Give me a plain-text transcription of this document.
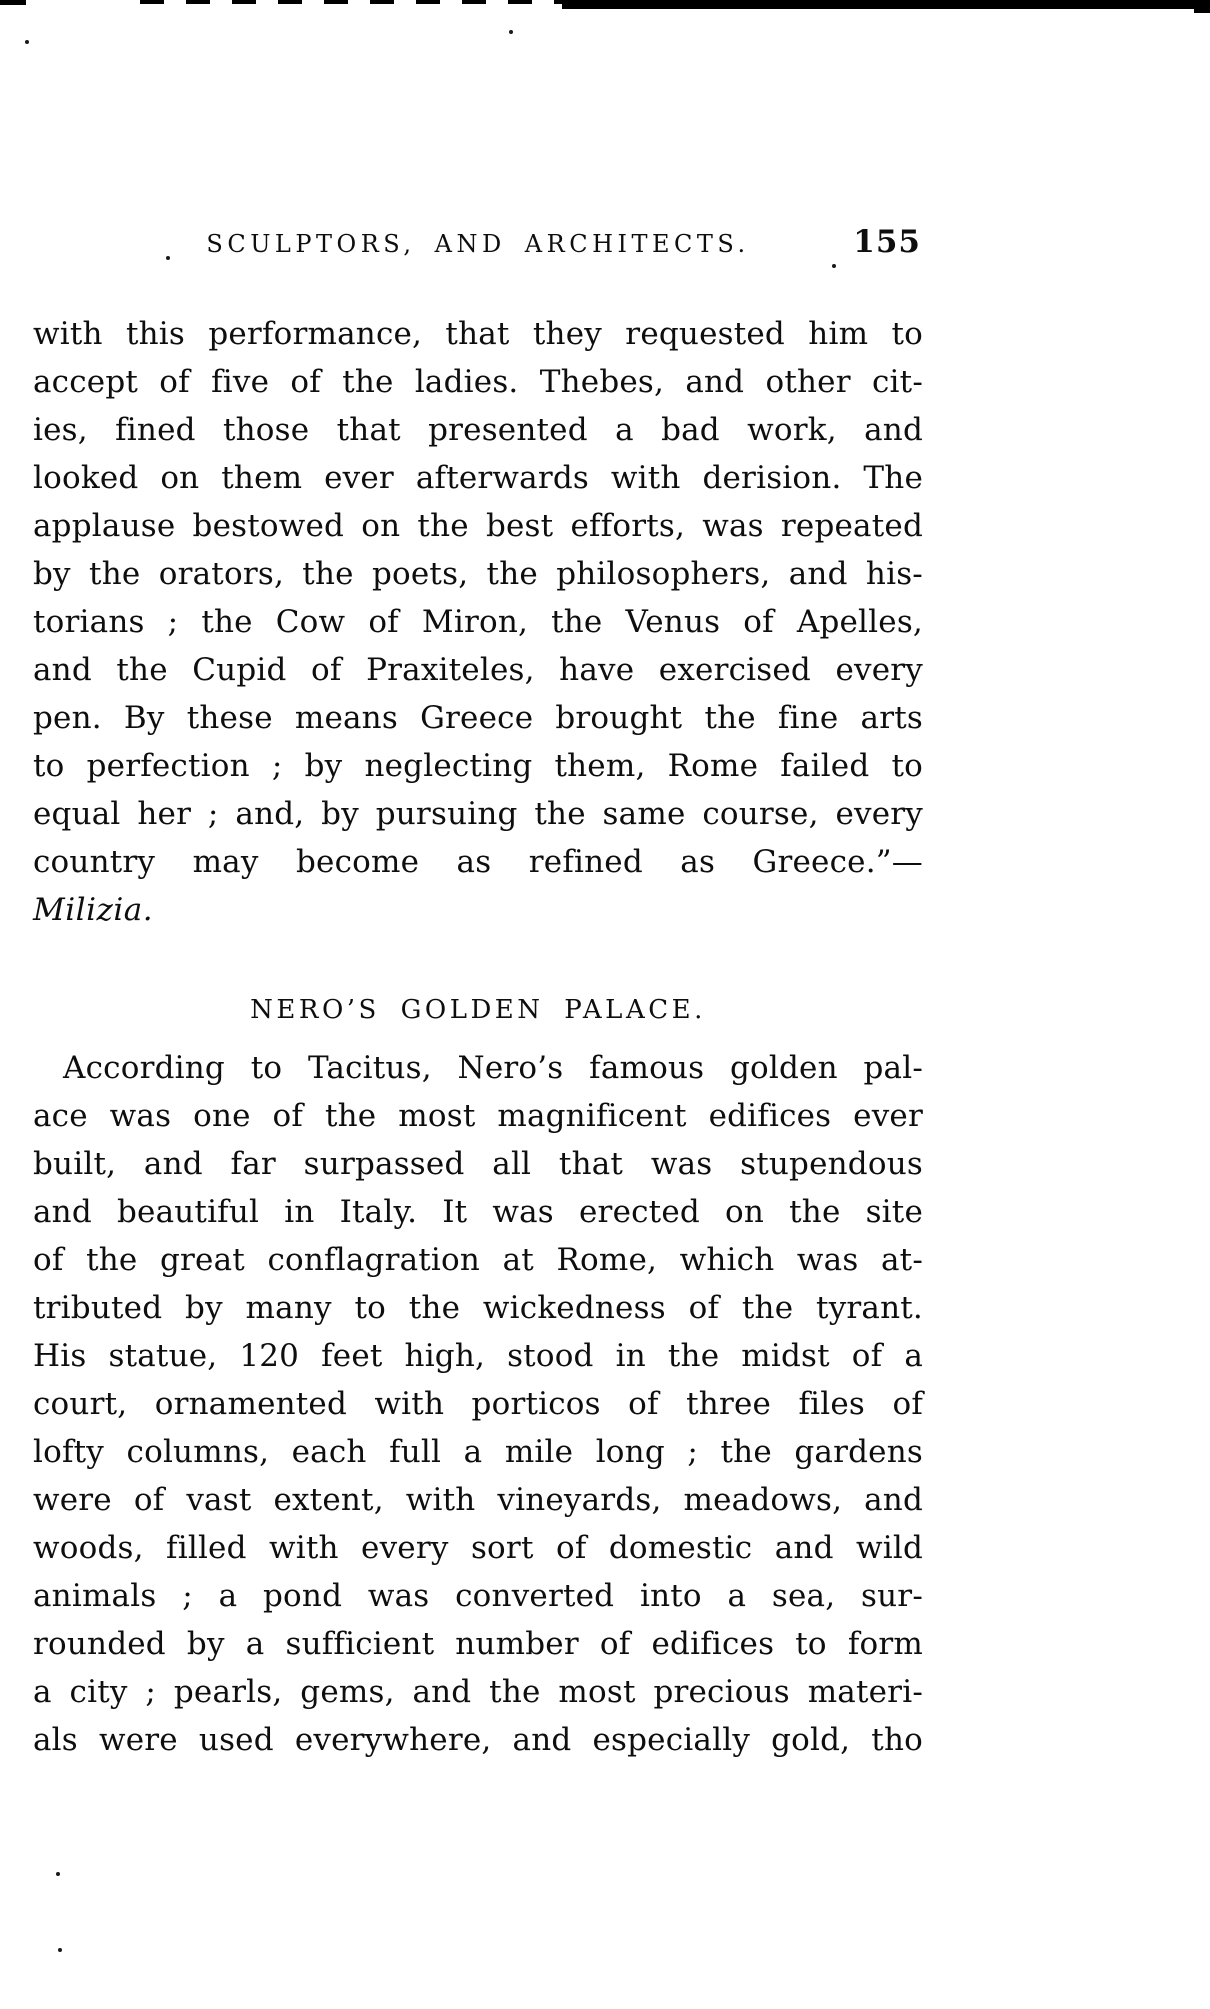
SCULPTORS, AND ARCHITECTS.	155
with this performance, that they requested him to
accept of five of the ladies. Thebes, and other cit-
ies, fined those that presented a bad work, and
looked on them ever afterwards with derision. The
applause bestowed on the best efforts, was repeated
by the orators, the poets, the philosophers, and his-
torians ; the Cow of Miron, the Venus of Apelles,
and the Cupid of Praxiteles, have exercised every
pen. By these means Greece brought the fine arts
to perfection ; by neglecting them, Rome failed to
equal her ; and, by pursuing the same course, every
country may become as refined as Greece.”—
Milizia.
NERO’S GOLDEN PALACE.
According to Tacitus, Nero’s famous golden pal-
ace was one of the most magnificent edifices ever
built, and far surpassed all that was stupendous
and beautiful in Italy. It was erected on the site
of the great conflagration at Rome, which was at-
tributed by many to the wickedness of the tyrant.
His statue, 120 feet high, stood in the midst of a
court, ornamented with porticos of three files of
lofty columns, each full a mile long ; the gardens
were of vast extent, with vineyards, meadows, and
woods, filled with every sort of domestic and wild
animals ; a pond was converted into a sea, sur-
rounded by a sufficient number of edifices to form
a city ; pearls, gems, and the most precious materi-
als were used everywhere, and especially gold, tho
